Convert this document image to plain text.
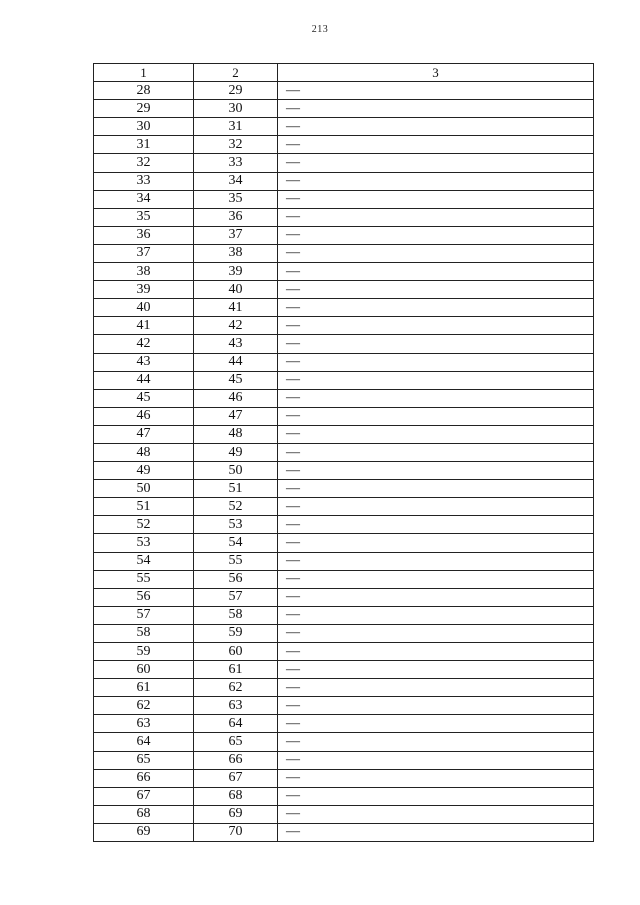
213
1	2	3
28	29	—
29	30	—
30	31	—
31	32	—
32	33	—
33	34	—
34	35	—
35	36	—
36	37	—
37	38	—
38	39	—
39	40	—
40	41	—
41	42	—
42	43	—
43	44	—
44	45	—
45	46	—
46	47	—
47	48	—
48	49	—
49	50	—
50	51	—
51	52	—
52	53	—
53	54	—
54	55	—
55	56	—
56	57	—
57	58	—
58	59	—
59	60	—
60	61	—
61	62	—
62	63	—
63	64	—
64	65	—
65	66	—
66	67	—
67	68	—
68	69	—
69	70	—
